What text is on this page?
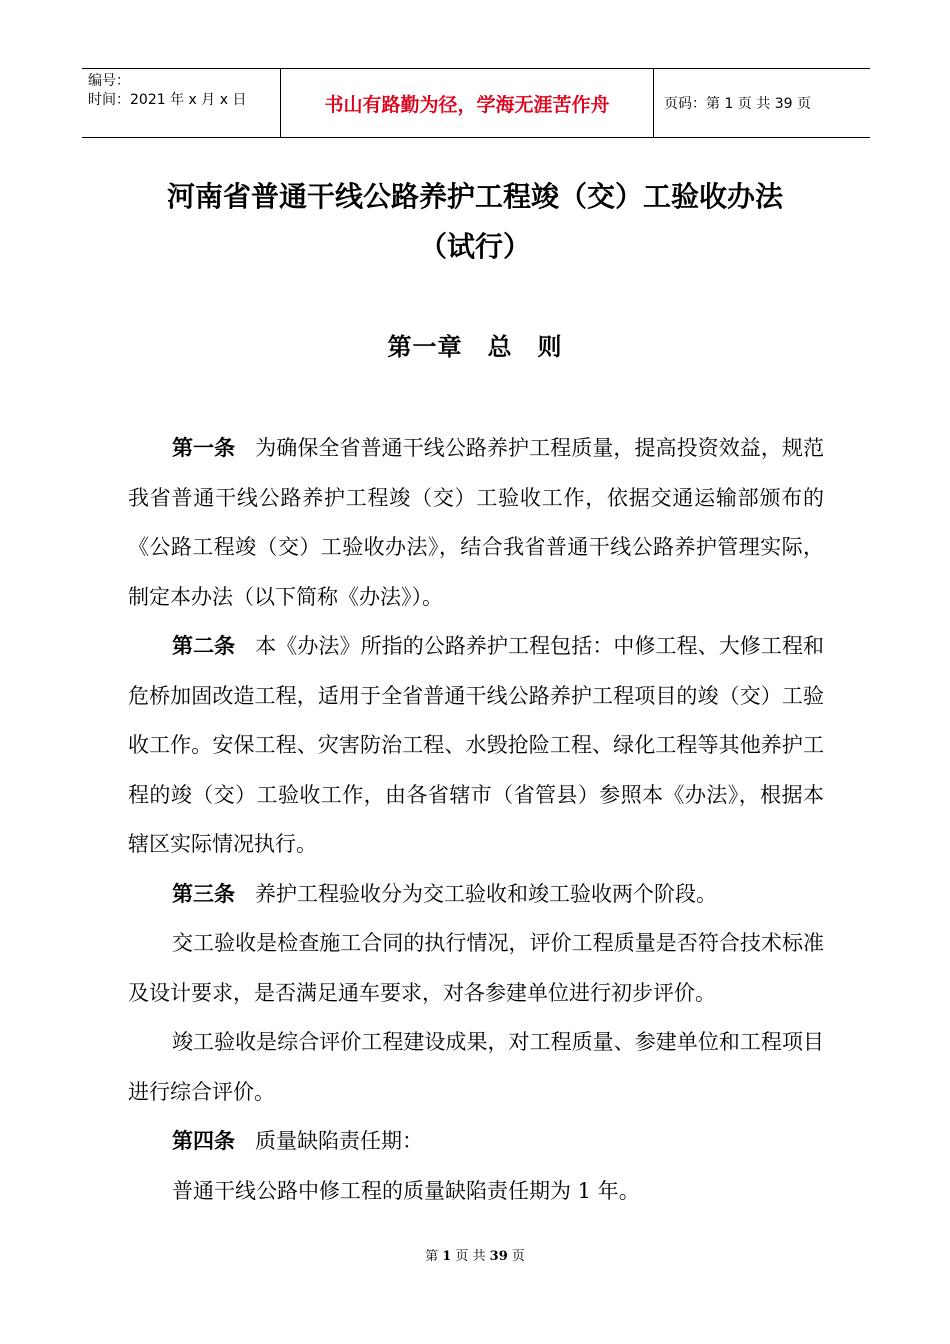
编号：
时间：2021 年 x 月 x 日	书山有路勤为径，学海无涯苦作舟	页码：第 1 页 共 39 页
河南省普通干线公路养护工程竣（交）工验收办法
（试行）
第一章　总　则

第一条 为确保全省普通干线公路养护工程质量，提高投资效益，规范我省普通干线公路养护工程竣（交）工验收工作，依据交通运输部颁布的《公路工程竣（交）工验收办法》，结合我省普通干线公路养护管理实际，制定本办法（以下简称《办法》）。

第二条 本《办法》所指的公路养护工程包括：中修工程、大修工程和危桥加固改造工程，适用于全省普通干线公路养护工程项目的竣（交）工验收工作。安保工程、灾害防治工程、水毁抢险工程、绿化工程等其他养护工程的竣（交）工验收工作，由各省辖市（省管县）参照本《办法》，根据本辖区实际情况执行。

第三条 养护工程验收分为交工验收和竣工验收两个阶段。

交工验收是检查施工合同的执行情况，评价工程质量是否符合技术标准及设计要求，是否满足通车要求，对各参建单位进行初步评价。

竣工验收是综合评价工程建设成果，对工程质量、参建单位和工程项目进行综合评价。

第四条 质量缺陷责任期：

普通干线公路中修工程的质量缺陷责任期为 1 年。

第 1 页 共 39 页
